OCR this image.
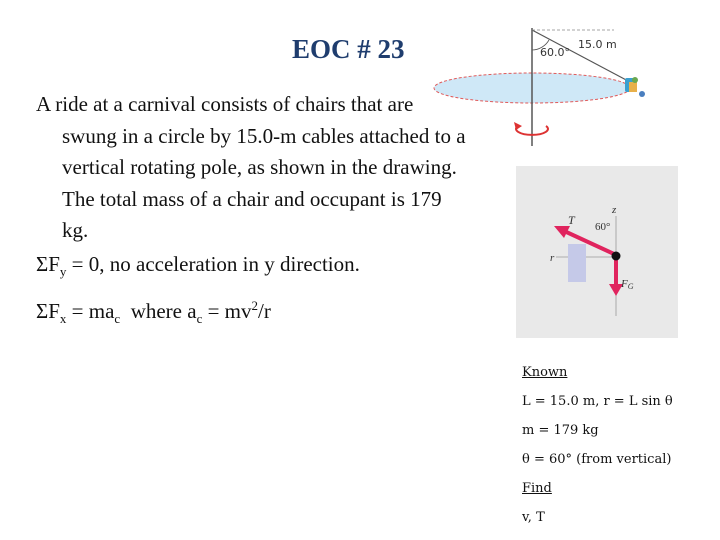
EOC # 23
A ride at a carnival consists of chairs that are swung in a circle by 15.0-m cables attached to a vertical rotating pole, as shown in the drawing. The total mass of a chair and occupant is 179 kg.
$\Sigma F_y = 0$, no acceleration in y direction.
$\Sigma F_x = ma_c$  where $a_c = mv^2/r$
60.0°
15.0 m
T 60°
z
r
FG
Known
L = 15.0 m, r = L sin θ
m = 179 kg
θ = 60° (from vertical)
Find
v, T
